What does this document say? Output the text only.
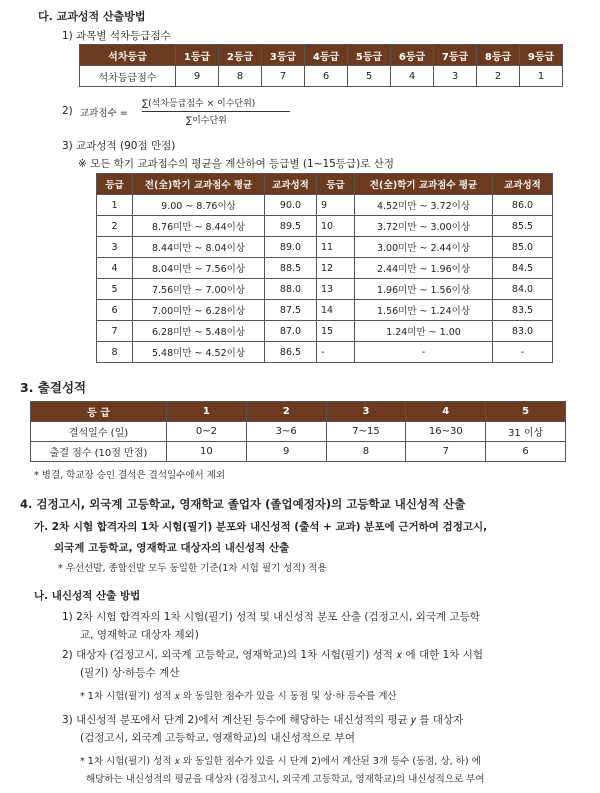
다. 교과성적 산출방법
1) 과목별 석차등급점수
석차등급	1등급	2등급	3등급	4등급	5등급	6등급	7등급	8등급	9등급
석차등급점수	9	8	7	6	5	4	3	2	1
2) 교과점수 =
∑(석차등급점수 × 이수단위)
∑이수단위
3) 교과성적 (90점 만점)
※ 모든 학기 교과점수의 평균을 계산하여 등급별 (1~15등급)로 산정
등급	전(全)학기 교과점수 평균	교과성적	등급	전(全)학기 교과점수 평균	교과성적
1	9.00 ~ 8.76이상	90.0	9	4.52미만 ~ 3.72이상	86.0
2	8.76미만 ~ 8.44이상	89.5	10	3.72미만 ~ 3.00이상	85.5
3	8.44미만 ~ 8.04이상	89.0	11	3.00미만 ~ 2.44이상	85.0
4	8.04미만 ~ 7.56이상	88.5	12	2.44미만 ~ 1.96이상	84.5
5	7.56미만 ~ 7.00이상	88.0	13	1.96미만 ~ 1.56이상	84.0
6	7.00미만 ~ 6.28이상	87.5	14	1.56미만 ~ 1.24이상	83.5
7	6.28미만 ~ 5.48이상	87.0	15	1.24미만 ~ 1.00	83.0
8	5.48미만 ~ 4.52이상	86.5	-	-	-
3. 출결성적
등 급	1	2	3	4	5
결석일수 (일)	0~2	3~6	7~15	16~30	31 이상
출결 점수 (10점 만점)	10	9	8	7	6
* 병결, 학교장 승인 결석은 결석일수에서 제외
4. 검정고시, 외국계 고등학교, 영재학교 졸업자 (졸업예정자)의 고등학교 내신성적 산출
가. 2차 시험 합격자의 1차 시험(필기) 분포와 내신성적 (출석 + 교과) 분포에 근거하여 검정고시,
외국계 고등학교, 영재학교 대상자의 내신성적 산출
* 우선선발, 종합선발 모두 동일한 기준(1차 시험 필기 성적) 적용
나. 내신성적 산출 방법
1) 2차 시험 합격자의 1차 시험(필기) 성적 및 내신성적 분포 산출 (검정고시, 외국계 고등학
교, 영재학교 대상자 제외)
2) 대상자 (검정고시, 외국계 고등학교, 영재학교)의 1차 시험(필기) 성적 𝑥 에 대한 1차 시험
(필기) 상·하등수 계산
* 1차 시험(필기) 성적 𝑥 와 동일한 점수가 있을 시 동점 및 상·하 등수를 계산
3) 내신성적 분포에서 단계 2)에서 계산된 등수에 해당하는 내신성적의 평균 𝑦 를 대상자
(검정고시, 외국계 고등학교, 영재학교)의 내신성적으로 부여
* 1차 시험(필기) 성적 𝑥 와 동일한 점수가 있을 시 단계 2)에서 계산된 3개 등수 (동점, 상, 하) 에
해당하는 내신성적의 평균을 대상자 (검정고시, 외국계 고등학교, 영재학교)의 내신성적으로 부여
